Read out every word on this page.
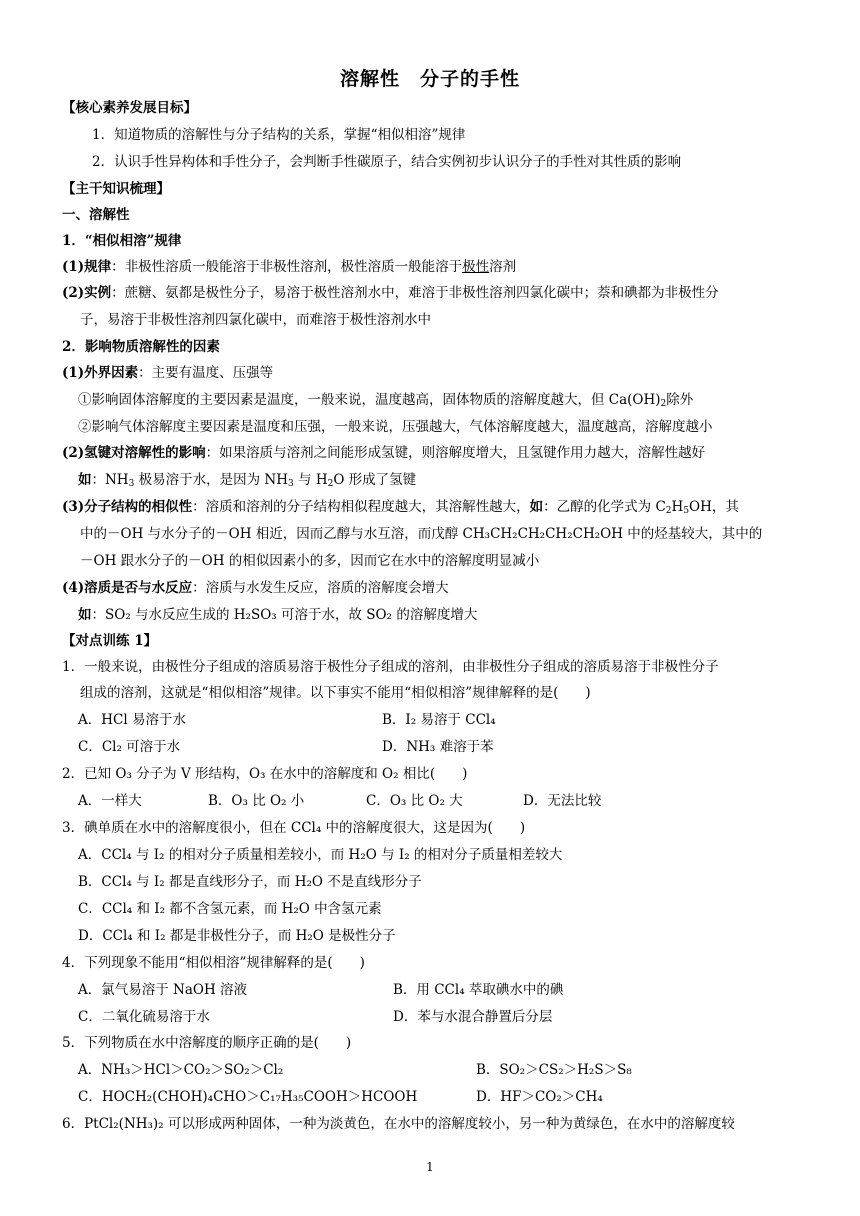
溶解性　分子的手性
【核心素养发展目标】
1．知道物质的溶解性与分子结构的关系，掌握“相似相溶”规律
2．认识手性异构体和手性分子，会判断手性碳原子，结合实例初步认识分子的手性对其性质的影响
【主干知识梳理】
一、溶解性
1．“相似相溶”规律
(1)规律：非极性溶质一般能溶于非极性溶剂，极性溶质一般能溶于极性溶剂
(2)实例：蔗糖、氨都是极性分子，易溶于极性溶剂水中，难溶于非极性溶剂四氯化碳中；萘和碘都为非极性分
子，易溶于非极性溶剂四氯化碳中，而难溶于极性溶剂水中
2．影响物质溶解性的因素
(1)外界因素：主要有温度、压强等
①影响固体溶解度的主要因素是温度，一般来说，温度越高，固体物质的溶解度越大，但 $Ca(OH)_2$除外
②影响气体溶解度主要因素是温度和压强，一般来说，压强越大，气体溶解度越大，温度越高，溶解度越小
(2)氢键对溶解性的影响：如果溶质与溶剂之间能形成氢键，则溶解度增大，且氢键作用力越大，溶解性越好
如：$NH_3$ 极易溶于水，是因为 $NH_3$ 与 $H_2O$ 形成了氢键
(3)分子结构的相似性：溶质和溶剂的分子结构相似程度越大，其溶解性越大，如：乙醇的化学式为 $C_2H_5OH$，其
中的－OH 与水分子的－OH 相近，因而乙醇与水互溶，而戊醇 CH₃CH₂CH₂CH₂CH₂OH 中的烃基较大，其中的
－OH 跟水分子的－OH 的相似因素小的多，因而它在水中的溶解度明显减小
(4)溶质是否与水反应：溶质与水发生反应，溶质的溶解度会增大
如：SO₂ 与水反应生成的 H₂SO₃ 可溶于水，故 SO₂ 的溶解度增大
【对点训练 1】
1．一般来说，由极性分子组成的溶质易溶于极性分子组成的溶剂，由非极性分子组成的溶质易溶于非极性分子
组成的溶剂，这就是“相似相溶”规律。以下事实不能用“相似相溶”规律解释的是(　　)
A．HCl 易溶于水	B．I₂ 易溶于 CCl₄
C．Cl₂ 可溶于水	D．NH₃ 难溶于苯
2．已知 O₃ 分子为 V 形结构，O₃ 在水中的溶解度和 O₂ 相比(　　)
A．一样大	B．O₃ 比 O₂ 小	C．O₃ 比 O₂ 大	D．无法比较
3．碘单质在水中的溶解度很小，但在 CCl₄ 中的溶解度很大，这是因为(　　)
A．CCl₄ 与 I₂ 的相对分子质量相差较小，而 H₂O 与 I₂ 的相对分子质量相差较大
B．CCl₄ 与 I₂ 都是直线形分子，而 H₂O 不是直线形分子
C．CCl₄ 和 I₂ 都不含氢元素，而 H₂O 中含氢元素
D．CCl₄ 和 I₂ 都是非极性分子，而 H₂O 是极性分子
4．下列现象不能用“相似相溶”规律解释的是(　　)
A．氯气易溶于 NaOH 溶液	B．用 CCl₄ 萃取碘水中的碘
C．二氧化硫易溶于水	D．苯与水混合静置后分层
5．下列物质在水中溶解度的顺序正确的是(　　)
A．NH₃＞HCl＞CO₂＞SO₂＞Cl₂	B．SO₂＞CS₂＞H₂S＞S₈
C．HOCH₂(CHOH)₄CHO＞C₁₇H₃₅COOH＞HCOOH	D．HF＞CO₂＞CH₄
6．PtCl₂(NH₃)₂ 可以形成两种固体，一种为淡黄色，在水中的溶解度较小，另一种为黄绿色，在水中的溶解度较
1
